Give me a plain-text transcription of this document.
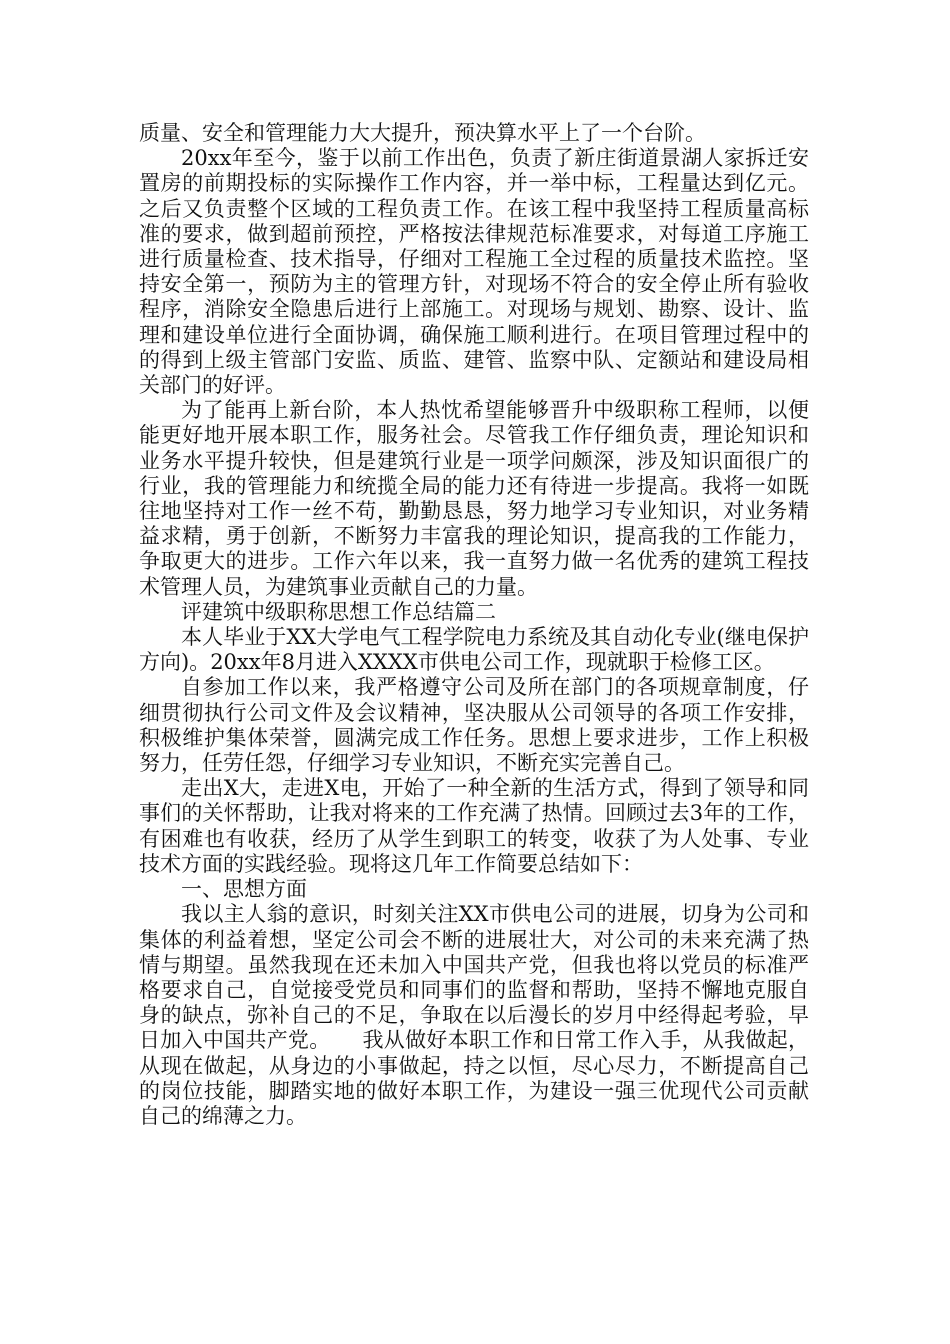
质量、安全和管理能力大大提升，预决算水平上了一个台阶。

20xx年至今，鉴于以前工作出色，负责了新庄街道景湖人家拆迁安置房的前期投标的实际操作工作内容，并一举中标，工程量达到亿元。之后又负责整个区域的工程负责工作。在该工程中我坚持工程质量高标准的要求，做到超前预控，严格按法律规范标准要求，对每道工序施工进行质量检查、技术指导，仔细对工程施工全过程的质量技术监控。坚持安全第一，预防为主的管理方针，对现场不符合的安全停止所有验收程序，消除安全隐患后进行上部施工。对现场与规划、勘察、设计、监理和建设单位进行全面协调，确保施工顺利进行。在项目管理过程中的的得到上级主管部门安监、质监、建管、监察中队、定额站和建设局相关部门的好评。

为了能再上新台阶，本人热忱希望能够晋升中级职称工程师，以便能更好地开展本职工作，服务社会。尽管我工作仔细负责，理论知识和业务水平提升较快，但是建筑行业是一项学问颇深，涉及知识面很广的行业，我的管理能力和统揽全局的能力还有待进一步提高。我将一如既往地坚持对工作一丝不苟，勤勤恳恳，努力地学习专业知识，对业务精益求精，勇于创新，不断努力丰富我的理论知识，提高我的工作能力，争取更大的进步。工作六年以来，我一直努力做一名优秀的建筑工程技术管理人员，为建筑事业贡献自己的力量。

评建筑中级职称思想工作总结篇二

本人毕业于XX大学电气工程学院电力系统及其自动化专业(继电保护方向)。20xx年8月进入XXXX市供电公司工作，现就职于检修工区。

自参加工作以来，我严格遵守公司及所在部门的各项规章制度，仔细贯彻执行公司文件及会议精神，坚决服从公司领导的各项工作安排，积极维护集体荣誉，圆满完成工作任务。思想上要求进步，工作上积极努力，任劳任怨，仔细学习专业知识，不断充实完善自己。

走出X大，走进X电，开始了一种全新的生活方式，得到了领导和同事们的关怀帮助，让我对将来的工作充满了热情。回顾过去3年的工作，有困难也有收获，经历了从学生到职工的转变，收获了为人处事、专业技术方面的实践经验。现将这几年工作简要总结如下：

一、思想方面

我以主人翁的意识，时刻关注XX市供电公司的进展，切身为公司和集体的利益着想，坚定公司会不断的进展壮大，对公司的未来充满了热情与期望。虽然我现在还未加入中国共产党，但我也将以党员的标准严格要求自己，自觉接受党员和同事们的监督和帮助，坚持不懈地克服自身的缺点，弥补自己的不足，争取在以后漫长的岁月中经得起考验，早日加入中国共产党。　　我从做好本职工作和日常工作入手，从我做起，从现在做起，从身边的小事做起，持之以恒，尽心尽力，不断提高自己的岗位技能，脚踏实地的做好本职工作，为建设一强三优现代公司贡献自己的绵薄之力。
